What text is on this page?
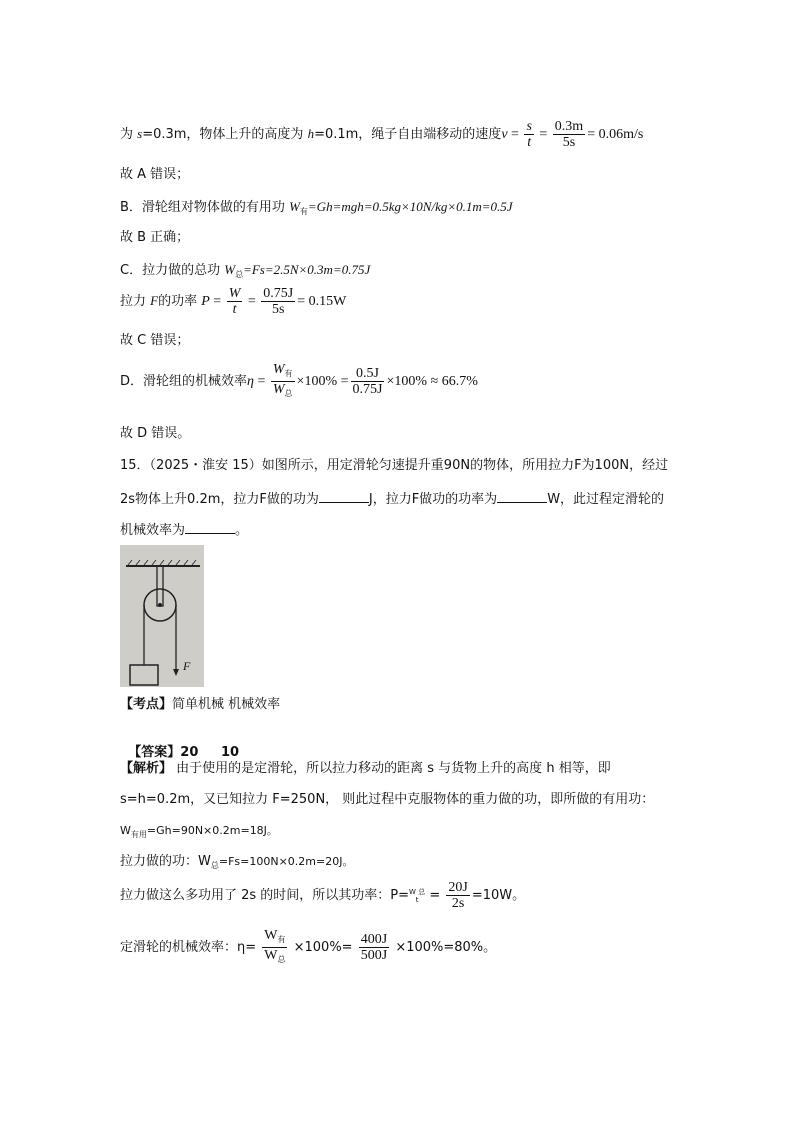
为 s=0.3m，物体上升的高度为 h=0.1m，绳子自由端移动的速度$v = \frac{s}{t} = \frac{0.3m}{5s} = 0.06m/s$
故 A 错误；
B．滑轮组对物体做的有用功 $W_有=Gh=mgh=0.5kg\times 10N/kg\times 0.1m=0.5J$
故 B 正确；
C．拉力做的总功 $W_总=Fs=2.5N\times 0.3m=0.75J$
拉力 F的功率 $P = \frac{W}{t} = \frac{0.75J}{5s} = 0.15W$
故 C 错误；
D．滑轮组的机械效率$\eta = \frac{W_有}{W_总} \times 100\% = \frac{0.5J}{0.75J} \times 100\% \approx 66.7\%$
故 D 错误。
15．（2025・淮安 15）如图所示，用定滑轮匀速提升重90N的物体，所用拉力F为100N，经过
2s物体上升0.2m，拉力F做的功为	J，拉力F做功的功率为	W，此过程定滑轮的
机械效率为	。
F
【考点】简单机械 机械效率

【答案】20     10

【解析】 由于使用的是定滑轮，所以拉力移动的距离 s 与货物上升的高度 h 相等，即
s=h=0.2m，又已知拉力 F=250N， 则此过程中克服物体的重力做的功，即所做的有用功：
$W_{有用}=Gh=90N\times 0.2m=18J$。
拉力做的功：$W_总=Fs=100N\times 0.2m=20J$。
拉力做这么多功用了 2s 的时间，所以其功率：P= W 总
$t = \frac{20J}{2s} =10W$。
定滑轮的机械效率：$\eta= \frac{W_有}{W_总} \times 100\%= \frac{400J}{500J} \times 100\%=80\%$。
